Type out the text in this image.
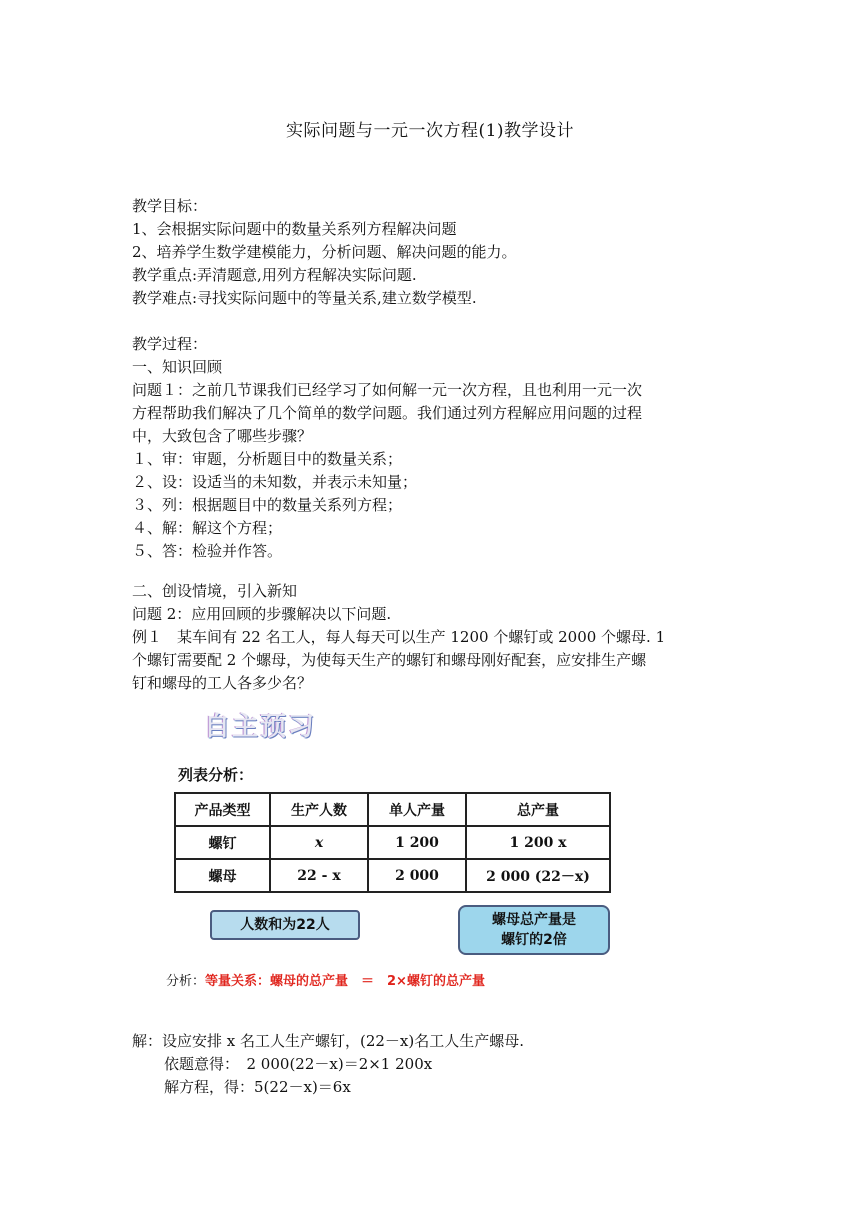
实际问题与一元一次方程(1)教学设计
教学目标：
1、会根据实际问题中的数量关系列方程解决问题
2、培养学生数学建模能力，分析问题、解决问题的能力。
教学重点:弄清题意,用列方程解决实际问题.
教学难点:寻找实际问题中的等量关系,建立数学模型.
教学过程：
一、知识回顾
问题１：之前几节课我们已经学习了如何解一元一次方程，且也利用一元一次
方程帮助我们解决了几个简单的数学问题。我们通过列方程解应用问题的过程
中，大致包含了哪些步骤？
１、审：审题，分析题目中的数量关系；
２、设：设适当的未知数，并表示未知量；
３、列：根据题目中的数量关系列方程；
４、解：解这个方程；
５、答：检验并作答。
二、创设情境，引入新知
问题 2：应用回顾的步骤解决以下问题.
例１　某车间有 22 名工人，每人每天可以生产 1200 个螺钉或 2000 个螺母. 1
个螺钉需要配 2 个螺母，为使每天生产的螺钉和螺母刚好配套，应安排生产螺
钉和螺母的工人各多少名？
自主预习
列表分析：
产品类型	生产人数	单人产量	总产量
螺钉	x	1 200	1 200 x
螺母	22 - x	2 000	2 000 (22－x)
人数和为22人	螺母总产量是
螺钉的2倍
分析：等量关系：螺母的总产量　＝　2×螺钉的总产量
解：设应安排 x 名工人生产螺钉，(22－x)名工人生产螺母.
依题意得：　2 000(22－x)＝2×1 200x
解方程，得：5(22－x)＝6x
